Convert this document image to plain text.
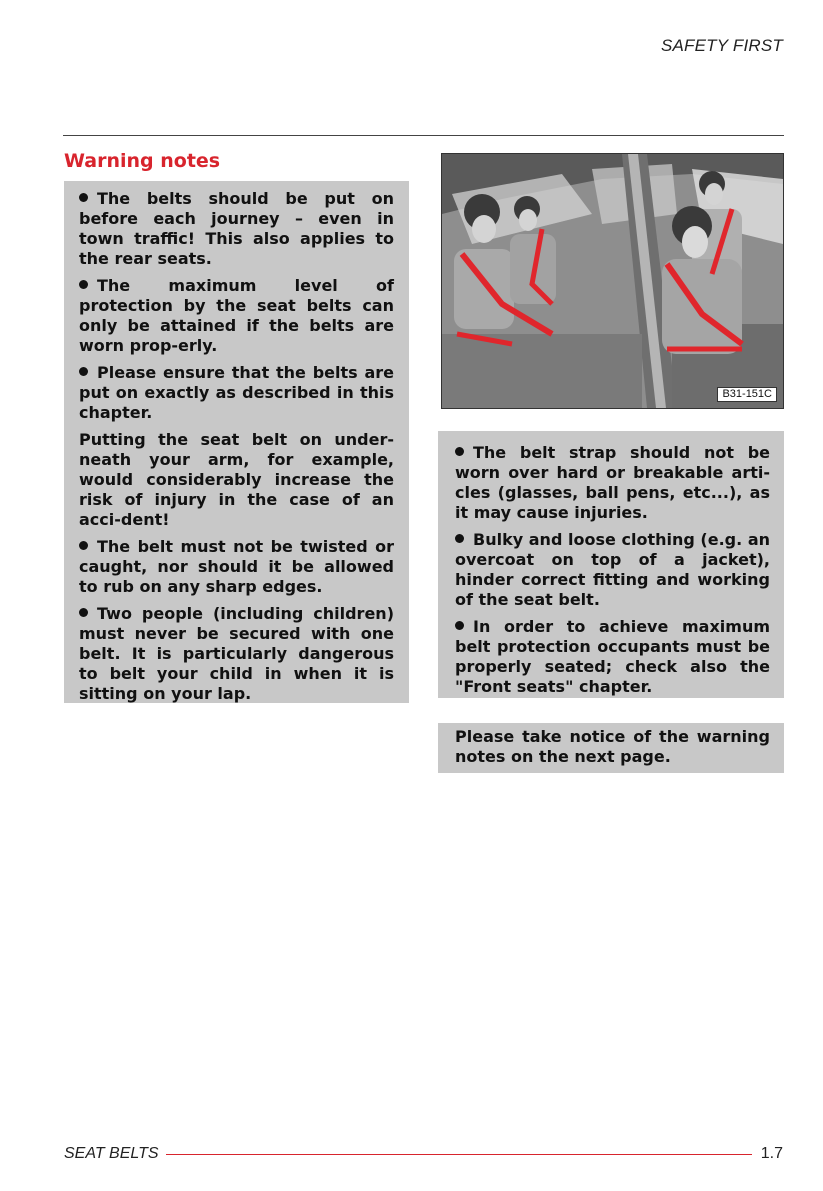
SAFETY FIRST
Warning notes

The belts should be put on before each journey – even in town traffic! This also applies to the rear seats.

The maximum level of protection by the seat belts can only be attained if the belts are worn prop-erly.

Please ensure that the belts are put on exactly as described in this chapter.

Putting the seat belt on under-neath your arm, for example, would considerably increase the risk of injury in the case of an acci-dent!

The belt must not be twisted or caught, nor should it be allowed to rub on any sharp edges.

Two people (including children) must never be secured with one belt. It is particularly dangerous to belt your child in when it is sitting on your lap.

B31-151C

The belt strap should not be worn over hard or breakable arti-cles (glasses, ball pens, etc...), as it may cause injuries.

Bulky and loose clothing (e.g. an overcoat on top of a jacket), hinder correct fitting and working of the seat belt.

In order to achieve maximum belt protection occupants must be properly seated; check also the "Front seats" chapter.

Please take notice of the warning notes on the next page.

SEAT BELTS	1.7
